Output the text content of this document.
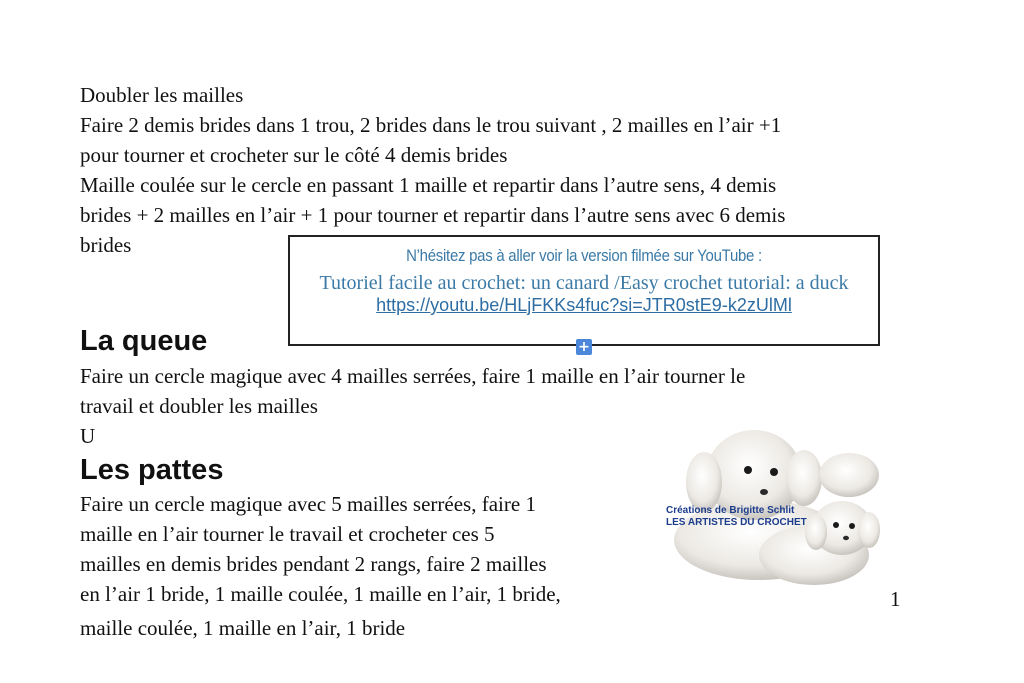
Doubler les mailles

Faire 2 demis brides dans 1 trou, 2 brides dans le trou suivant , 2 mailles en l’air +1

pour tourner et crocheter sur le côté 4 demis brides

Maille coulée sur le cercle en passant 1 maille et repartir dans l’autre sens, 4 demis

brides + 2 mailles en l’air + 1 pour tourner et repartir dans l’autre sens avec 6 demis

brides	N’hésitez pas à aller voir la version filmée sur YouTube :
Tutoriel facile au crochet: un canard /Easy crochet tutorial: a duck
https://youtu.be/HLjFKKs4fuc?si=JTR0stE9-k2zUlMl
+
La queue

Faire un cercle magique avec 4 mailles serrées, faire 1 maille en l’air tourner le

travail et doubler les mailles

U

Les pattes

Faire un cercle magique avec 5 mailles serrées, faire 1

maille en l’air tourner le travail et crocheter ces 5

mailles en demis brides pendant 2 rangs, faire 2 mailles

en l’air 1 bride, 1 maille coulée, 1 maille en l’air, 1 bride,

maille coulée, 1 maille en l’air, 1 bride

Créations de Brigitte Schlit
LES ARTISTES DU CROCHET
1
